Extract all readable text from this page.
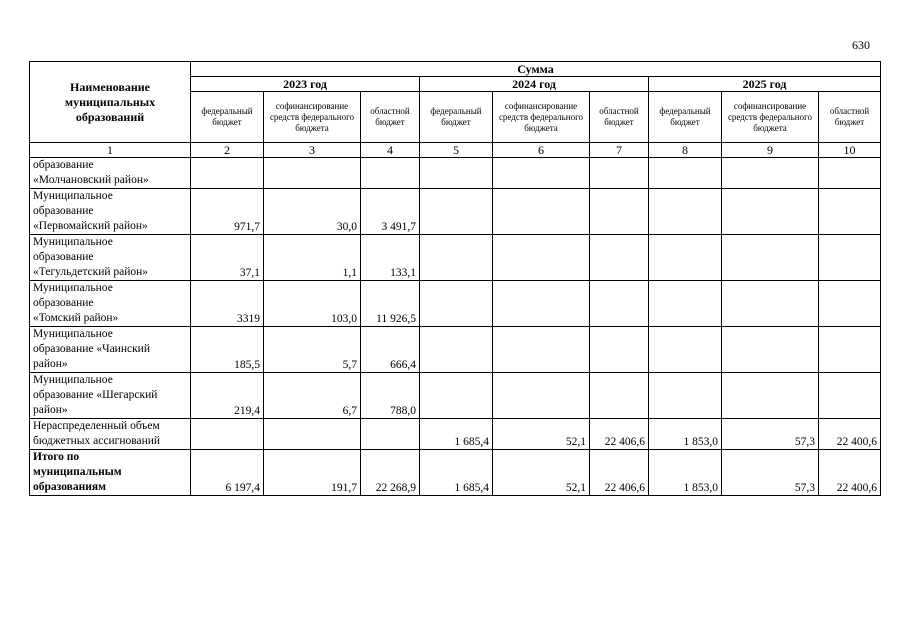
630
Наименование муниципальных образований	Сумма								
	2023 год			2024 год			2025 год		
	федеральный бюджет	софинансирование средств федерального бюджета	областной бюджет	федеральный бюджет	софинансирование средств федерального бюджета	областной бюджет	федеральный бюджет	софинансирование средств федерального бюджета	областной бюджет
1	2	3	4	5	6	7	8	9	10
образование
«Молчановский район»									
Муниципальное
образование
«Первомайский район»	971,7	30,0	3 491,7						
Муниципальное
образование
«Тегульдетский район»	37,1	1,1	133,1						
Муниципальное
образование
«Томский район»	3319	103,0	11 926,5						
Муниципальное
образование «Чаинский
район»	185,5	5,7	666,4						
Муниципальное
образование «Шегарский
район»	219,4	6,7	788,0						
Нераспределенный объем
бюджетных ассигнований				1 685,4	52,1	22 406,6	1 853,0	57,3	22 400,6
Итого по
муниципальным
образованиям	6 197,4	191,7	22 268,9	1 685,4	52,1	22 406,6	1 853,0	57,3	22 400,6
